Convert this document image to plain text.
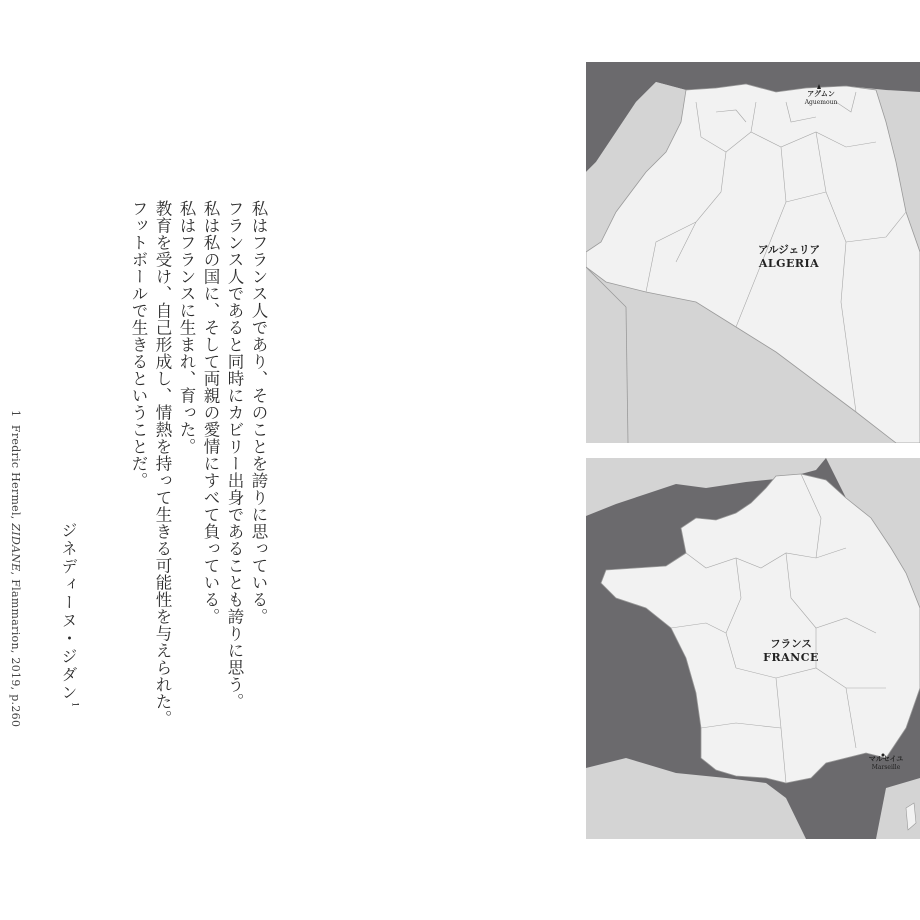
私はフランス人であり、そのことを誇りに思っている。
フランス人であると同時にカビリー出身であることも誇りに思う。
私は私の国に、そして両親の愛情にすべて負っている。
私はフランスに生まれ、育った。
教育を受け、自己形成し、情熱を持って生きる可能性を与えられた。
フットボールで生きるということだ。
ジネディーヌ・ジダン$^1$
1  Fredric Hermel, ZIDANE, Flammarion, 2019, p.260
アグムン
Aguemoun
アルジェリア
ALGERIA
フランス
FRANCE
マルセイユ
Marseille
